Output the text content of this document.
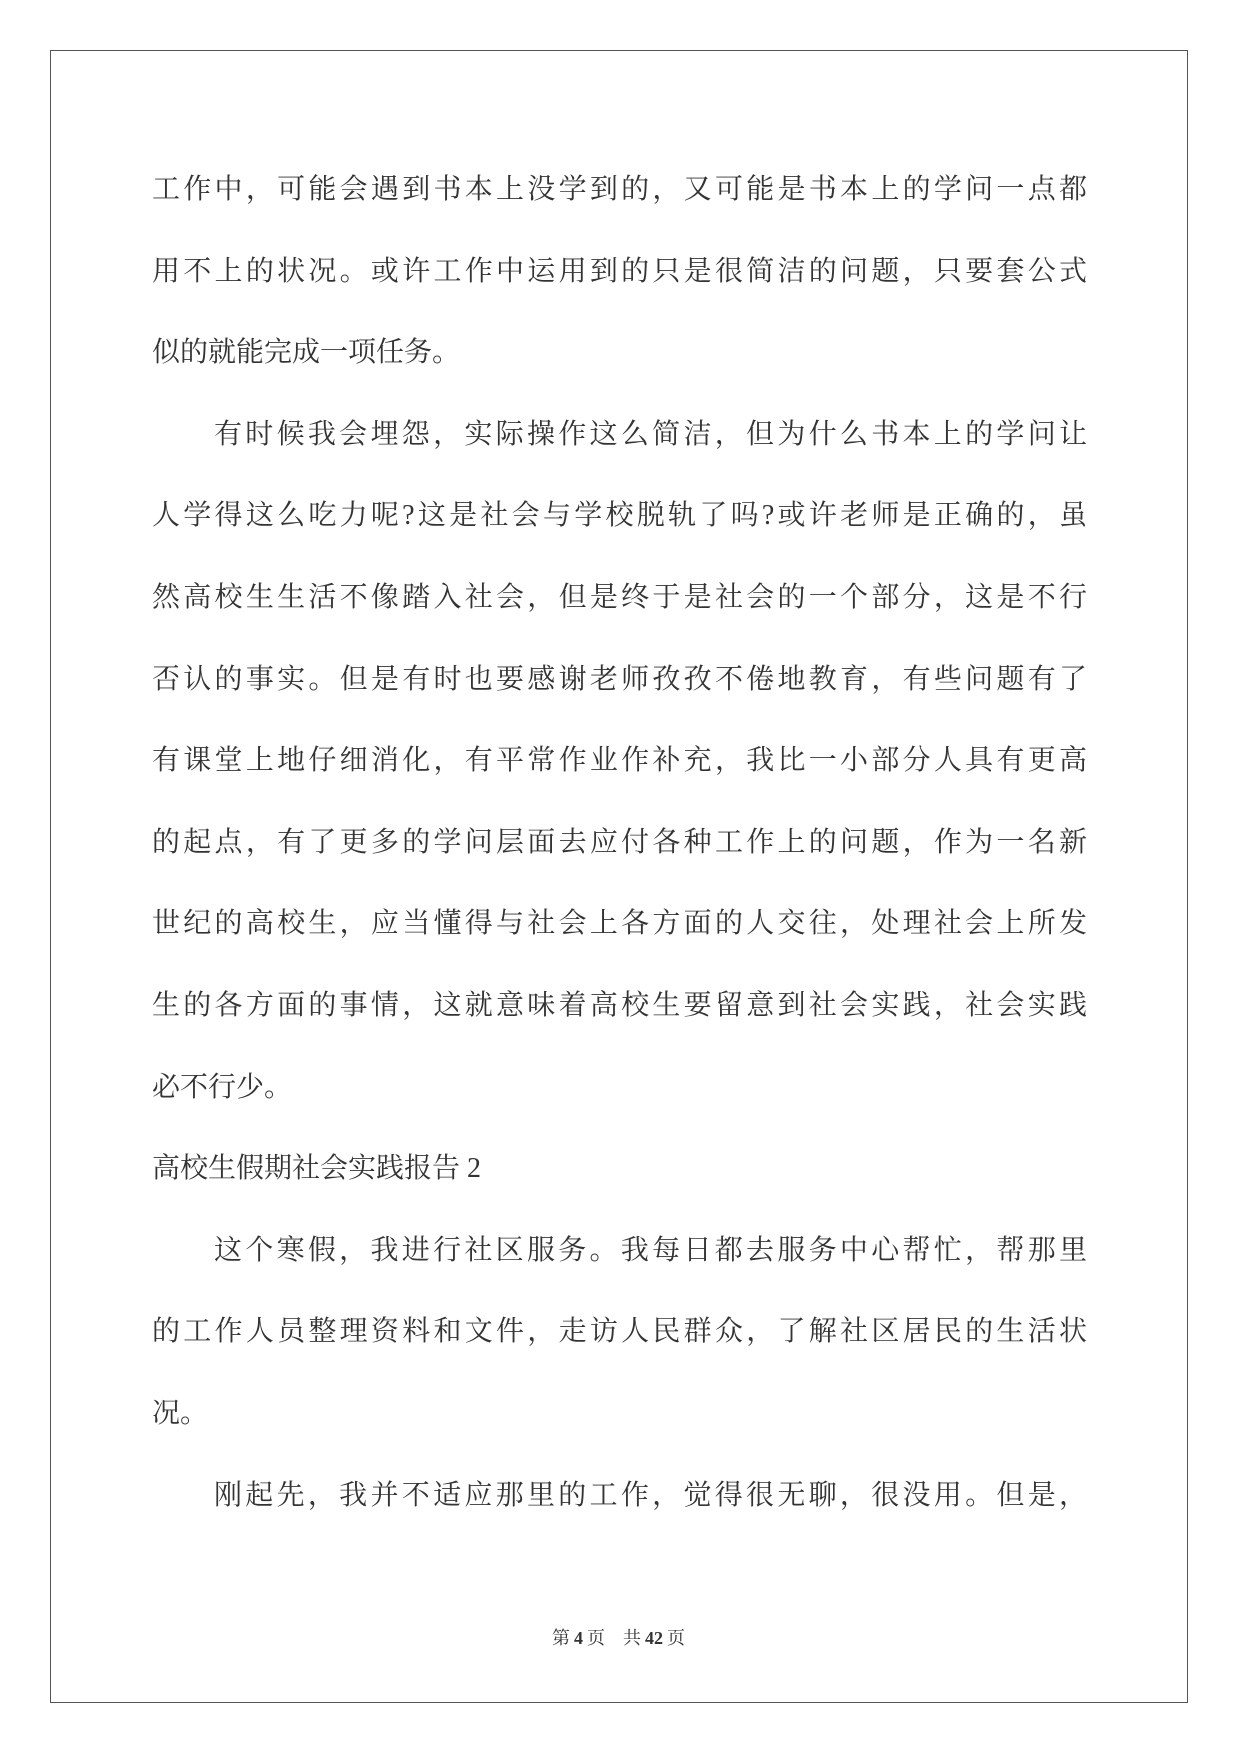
工作中，可能会遇到书本上没学到的，又可能是书本上的学问一点都
用不上的状况。或许工作中运用到的只是很简洁的问题，只要套公式
似的就能完成一项任务。
有时候我会埋怨，实际操作这么简洁，但为什么书本上的学问让
人学得这么吃力呢?这是社会与学校脱轨了吗?或许老师是正确的，虽
然高校生生活不像踏入社会，但是终于是社会的一个部分，这是不行
否认的事实。但是有时也要感谢老师孜孜不倦地教育，有些问题有了
有课堂上地仔细消化，有平常作业作补充，我比一小部分人具有更高
的起点，有了更多的学问层面去应付各种工作上的问题，作为一名新
世纪的高校生，应当懂得与社会上各方面的人交往，处理社会上所发
生的各方面的事情，这就意味着高校生要留意到社会实践，社会实践
必不行少。
高校生假期社会实践报告 2
这个寒假，我进行社区服务。我每日都去服务中心帮忙，帮那里
的工作人员整理资料和文件，走访人民群众，了解社区居民的生活状
况。
刚起先，我并不适应那里的工作，觉得很无聊，很没用。但是，
第 4 页 共 42 页
